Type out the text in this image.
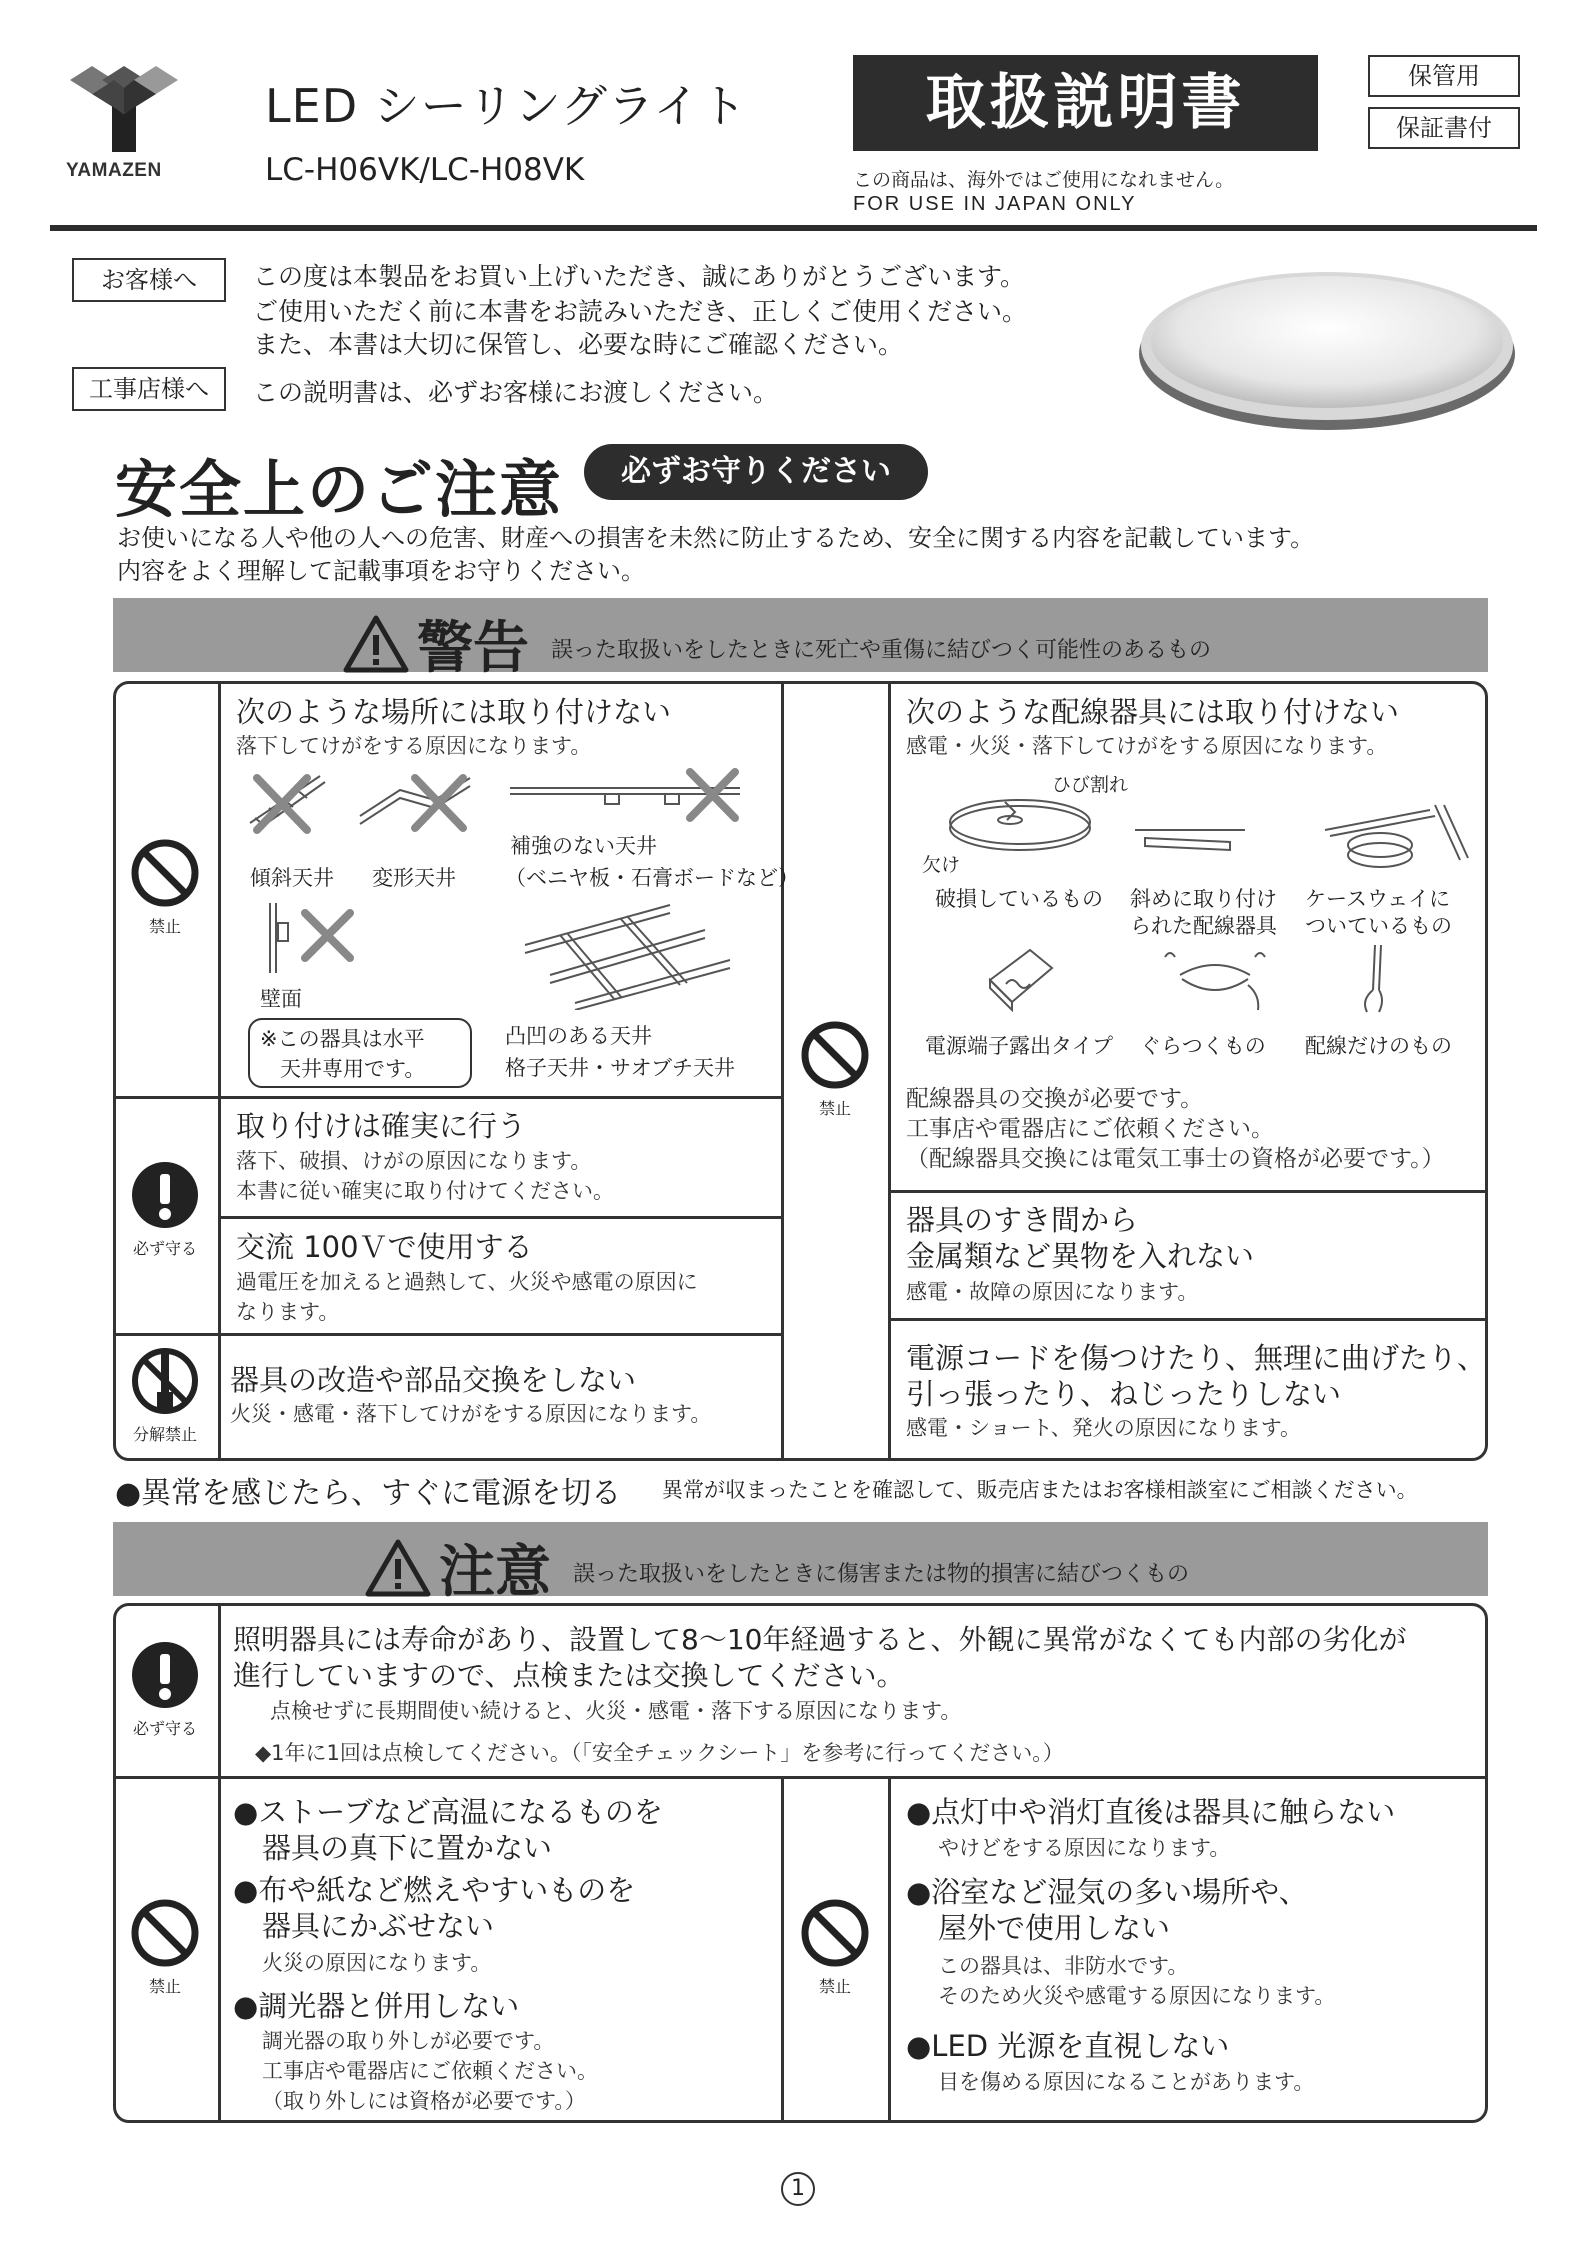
YAMAZEN
LED シーリングライト
LC-H06VK/LC-H08VK
取扱説明書
この商品は、海外ではご使用になれません。
FOR USE IN JAPAN ONLY
保管用
保証書付
お客様へ	この度は本製品をお買い上げいただき、誠にありがとうございます。
ご使用いただく前に本書をお読みいただき、正しくご使用ください。
また、本書は大切に保管し、必要な時にご確認ください。
工事店様へ	この説明書は、必ずお客様にお渡しください。
安全上のご注意	必ずお守りください
お使いになる人や他の人への危害、財産への損害を未然に防止するため、安全に関する内容を記載しています。
内容をよく理解して記載事項をお守りください。
警告 誤った取扱いをしたときに死亡や重傷に結びつく可能性のあるもの
禁止
次のような場所には取り付けない
落下してけがをする原因になります。
傾斜天井 変形天井
補強のない天井
（ベニヤ板・石膏ボードなど）
壁面
※この器具は水平
天井専用です。
凸凹のある天井
格子天井・サオブチ天井
必ず守る
取り付けは確実に行う
落下、破損、けがの原因になります。
本書に従い確実に取り付けてください。
交流 100Ｖで使用する
過電圧を加えると過熱して、火災や感電の原因に
なります。
分解禁止
器具の改造や部品交換をしない
火災・感電・落下してけがをする原因になります。
禁止
次のような配線器具には取り付けない
感電・火災・落下してけがをする原因になります。
ひび割れ
欠け
破損しているもの 斜めに取り付け
られた配線器具
ケースウェイに
ついているもの
電源端子露出タイプ ぐらつくもの 配線だけのもの
配線器具の交換が必要です。
工事店や電器店にご依頼ください。
（配線器具交換には電気工事士の資格が必要です。）
器具のすき間から
金属類など異物を入れない
感電・故障の原因になります。
電源コードを傷つけたり、無理に曲げたり、
引っ張ったり、ねじったりしない
感電・ショート、発火の原因になります。
●異常を感じたら、すぐに電源を切る 異常が収まったことを確認して、販売店またはお客様相談室にご相談ください。
注意 誤った取扱いをしたときに傷害または物的損害に結びつくもの
必ず守る
照明器具には寿命があり、設置して8～10年経過すると、外観に異常がなくても内部の劣化が
進行していますので、点検または交換してください。
点検せずに長期間使い続けると、火災・感電・落下する原因になります。
◆1年に1回は点検してください。（「安全チェックシート」を参考に行ってください。）
禁止
●ストーブなど高温になるものを
器具の真下に置かない
●布や紙など燃えやすいものを
器具にかぶせない
火災の原因になります。
●調光器と併用しない
調光器の取り外しが必要です。
工事店や電器店にご依頼ください。
（取り外しには資格が必要です。）
禁止
●点灯中や消灯直後は器具に触らない
やけどをする原因になります。
●浴室など湿気の多い場所や、
屋外で使用しない
この器具は、非防水です。
そのため火災や感電する原因になります。
●LED 光源を直視しない
目を傷める原因になることがあります。
1
